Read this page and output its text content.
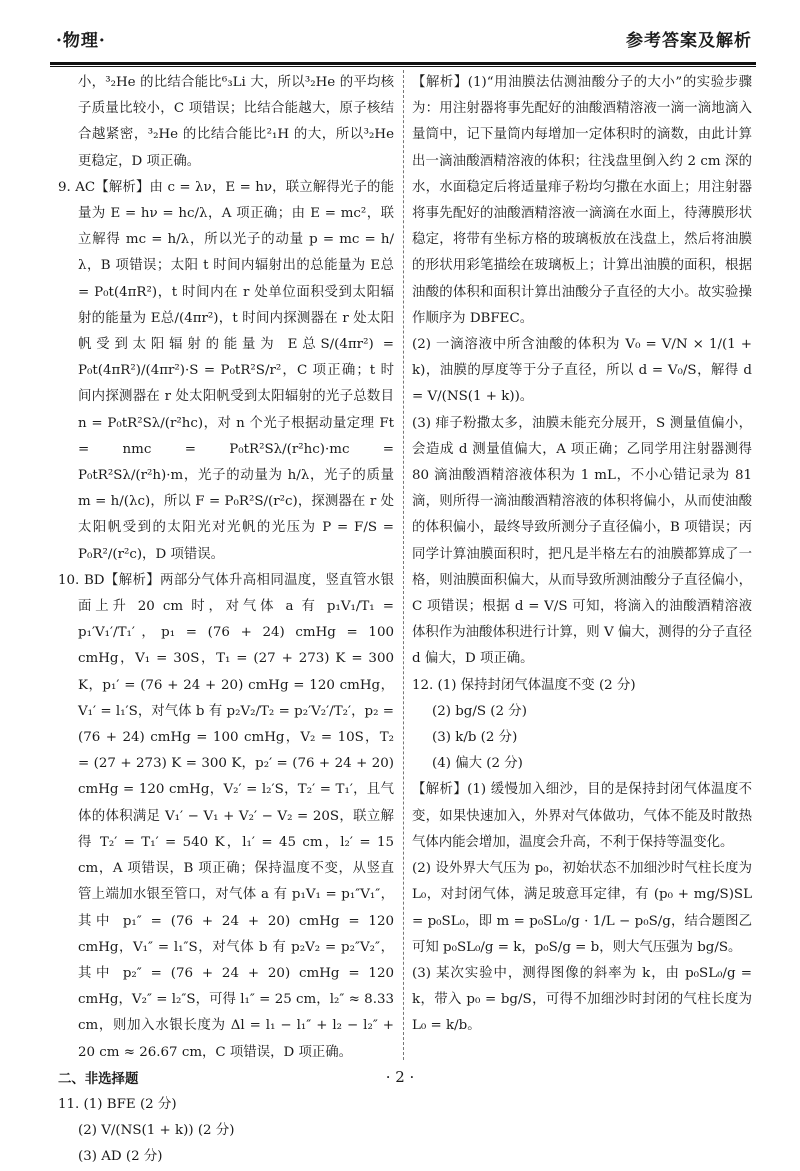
·物理·	参考答案及解析

小，³₂He 的比结合能比⁶₃Li 大，所以³₂He 的平均核子质量比较小，C 项错误；比结合能越大，原子核结合越紧密，³₂He 的比结合能比²₁H 的大，所以³₂He 更稳定，D 项正确。

9. AC【解析】由 c = λν，E = hν，联立解得光子的能量为 E = hν = hc/λ，A 项正确；由 E = mc²，联立解得 mc = h/λ，所以光子的动量 p = mc = h/λ，B 项错误；太阳 t 时间内辐射出的总能量为 E总 = P₀t(4πR²)，t 时间内在 r 处单位面积受到太阳辐射的能量为 E总/(4πr²)，t 时间内探测器在 r 处太阳帆受到太阳辐射的能量为 E总S/(4πr²) = P₀t(4πR²)/(4πr²)·S = P₀tR²S/r²，C 项正确；t 时间内探测器在 r 处太阳帆受到太阳辐射的光子总数目 n = P₀tR²Sλ/(r²hc)，对 n 个光子根据动量定理 Ft = nmc = P₀tR²Sλ/(r²hc)·mc = P₀tR²Sλ/(r²h)·m，光子的动量为 h/λ，光子的质量 m = h/(λc)，所以 F = P₀R²S/(r²c)，探测器在 r 处太阳帆受到的太阳光对光帆的光压为 P = F/S = P₀R²/(r²c)，D 项错误。

10. BD【解析】两部分气体升高相同温度，竖直管水银面上升 20 cm 时，对气体 a 有 p₁V₁/T₁ = p₁′V₁′/T₁′，p₁ = (76 + 24) cmHg = 100 cmHg，V₁ = 30S，T₁ = (27 + 273) K = 300 K，p₁′ = (76 + 24 + 20) cmHg = 120 cmHg，V₁′ = l₁′S，对气体 b 有 p₂V₂/T₂ = p₂′V₂′/T₂′，p₂ = (76 + 24) cmHg = 100 cmHg，V₂ = 10S，T₂ = (27 + 273) K = 300 K，p₂′ = (76 + 24 + 20) cmHg = 120 cmHg，V₂′ = l₂′S，T₂′ = T₁′，且气体的体积满足 V₁′ − V₁ + V₂′ − V₂ = 20S，联立解得 T₂′ = T₁′ = 540 K，l₁′ = 45 cm，l₂′ = 15 cm，A 项错误，B 项正确；保持温度不变，从竖直管上端加水银至管口，对气体 a 有 p₁V₁ = p₁″V₁″，其中 p₁″ = (76 + 24 + 20) cmHg = 120 cmHg，V₁″ = l₁″S，对气体 b 有 p₂V₂ = p₂″V₂″，其中 p₂″ = (76 + 24 + 20) cmHg = 120 cmHg，V₂″ = l₂″S，可得 l₁″ = 25 cm，l₂″ ≈ 8.33 cm，则加入水银长度为 Δl = l₁ − l₁″ + l₂ − l₂″ + 20 cm ≈ 26.67 cm，C 项错误，D 项正确。

二、非选择题

11. (1) BFE (2 分)

(2) V/(NS(1 + k)) (2 分)

(3) AD (2 分)

【解析】(1)“用油膜法估测油酸分子的大小”的实验步骤为：用注射器将事先配好的油酸酒精溶液一滴一滴地滴入量筒中，记下量筒内每增加一定体积时的滴数，由此计算出一滴油酸酒精溶液的体积；往浅盘里倒入约 2 cm 深的水，水面稳定后将适量痱子粉均匀撒在水面上；用注射器将事先配好的油酸酒精溶液一滴滴在水面上，待薄膜形状稳定，将带有坐标方格的玻璃板放在浅盘上，然后将油膜的形状用彩笔描绘在玻璃板上；计算出油膜的面积，根据油酸的体积和面积计算出油酸分子直径的大小。故实验操作顺序为 DBFEC。

(2) 一滴溶液中所含油酸的体积为 V₀ = V/N × 1/(1 + k)，油膜的厚度等于分子直径，所以 d = V₀/S，解得 d = V/(NS(1 + k))。

(3) 痱子粉撒太多，油膜未能充分展开，S 测量值偏小，会造成 d 测量值偏大，A 项正确；乙同学用注射器测得 80 滴油酸酒精溶液体积为 1 mL，不小心错记录为 81 滴，则所得一滴油酸酒精溶液的体积将偏小，从而使油酸的体积偏小，最终导致所测分子直径偏小，B 项错误；丙同学计算油膜面积时，把凡是半格左右的油膜都算成了一格，则油膜面积偏大，从而导致所测油酸分子直径偏小，C 项错误；根据 d = V/S 可知，将滴入的油酸酒精溶液体积作为油酸体积进行计算，则 V 偏大，测得的分子直径 d 偏大，D 项正确。

12. (1) 保持封闭气体温度不变 (2 分)

(2) bg/S (2 分)

(3) k/b (2 分)

(4) 偏大 (2 分)

【解析】(1) 缓慢加入细沙，目的是保持封闭气体温度不变，如果快速加入，外界对气体做功，气体不能及时散热气体内能会增加，温度会升高，不利于保持等温变化。

(2) 设外界大气压为 p₀，初始状态不加细沙时气柱长度为 L₀，对封闭气体，满足玻意耳定律，有 (p₀ + mg/S)SL = p₀SL₀，即 m = p₀SL₀/g · 1/L − p₀S/g，结合题图乙可知 p₀SL₀/g = k，p₀S/g = b，则大气压强为 bg/S。

(3) 某次实验中，测得图像的斜率为 k，由 p₀SL₀/g = k，带入 p₀ = bg/S，可得不加细沙时封闭的气柱长度为 L₀ = k/b。

· 2 ·
